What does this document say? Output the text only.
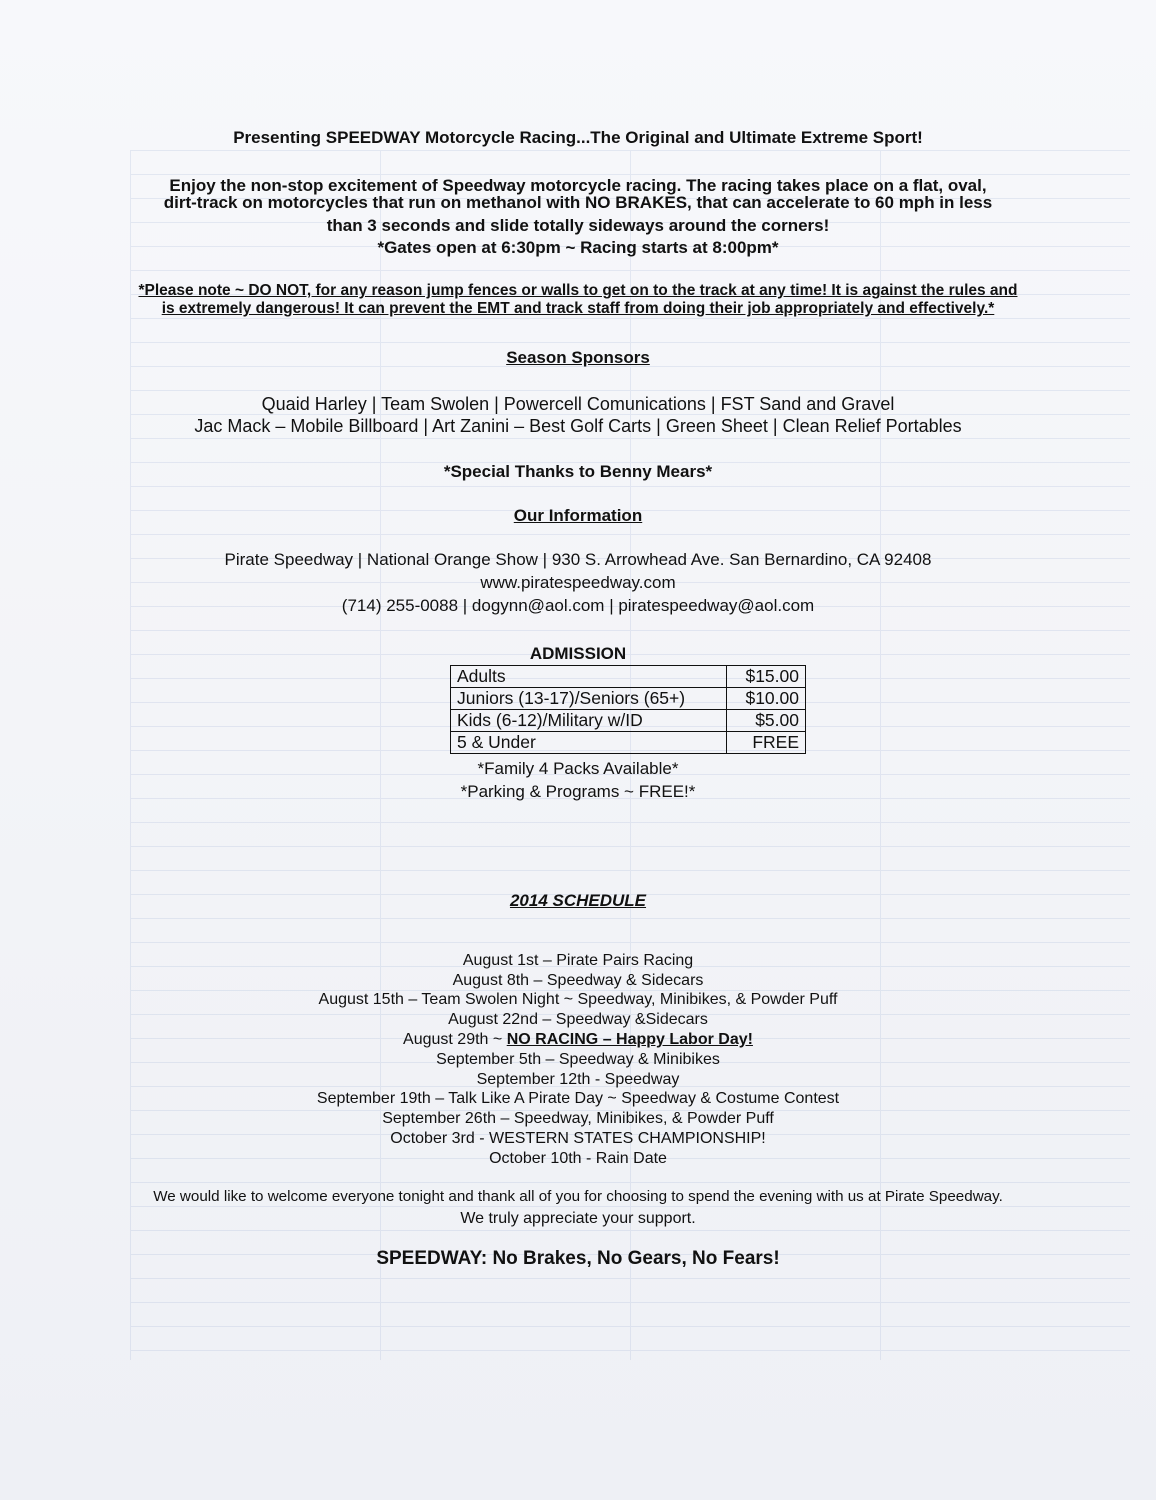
Presenting SPEEDWAY Motorcycle Racing...The Original and Ultimate Extreme Sport!
Enjoy the non-stop excitement of Speedway motorcycle racing. The racing takes place on a flat, oval,
dirt-track on motorcycles that run on methanol with NO BRAKES, that can accelerate to 60 mph in less
than 3 seconds and slide totally sideways around the corners!
*Gates open at 6:30pm ~ Racing starts at 8:00pm*
*Please note ~ DO NOT, for any reason jump fences or walls to get on to the track at any time! It is against the rules and
is extremely dangerous! It can prevent the EMT and track staff from doing their job appropriately and effectively.*
Season Sponsors
Quaid Harley | Team Swolen | Powercell Comunications | FST Sand and Gravel
Jac Mack – Mobile Billboard | Art Zanini – Best Golf Carts | Green Sheet | Clean Relief Portables
*Special Thanks to Benny Mears*
Our Information
Pirate Speedway | National Orange Show | 930 S. Arrowhead Ave. San Bernardino, CA 92408
www.piratespeedway.com
(714) 255-0088 | dogynn@aol.com | piratespeedway@aol.com
ADMISSION
Adults	$15.00
Juniors (13-17)/Seniors (65+)	$10.00
Kids (6-12)/Military w/ID	$5.00
5 & Under	FREE
*Family 4 Packs Available*
*Parking & Programs ~ FREE!*
2014 SCHEDULE
August 1st – Pirate Pairs Racing
August 8th – Speedway & Sidecars
August 15th – Team Swolen Night ~ Speedway, Minibikes, & Powder Puff
August 22nd – Speedway &Sidecars
August 29th ~ NO RACING – Happy Labor Day!
September 5th – Speedway & Minibikes
September 12th - Speedway
September 19th – Talk Like A Pirate Day ~ Speedway & Costume Contest
September 26th – Speedway, Minibikes, & Powder Puff
October 3rd - WESTERN STATES CHAMPIONSHIP!
October 10th - Rain Date
We would like to welcome everyone tonight and thank all of you for choosing to spend the evening with us at Pirate Speedway.
We truly appreciate your support.
SPEEDWAY: No Brakes, No Gears, No Fears!
